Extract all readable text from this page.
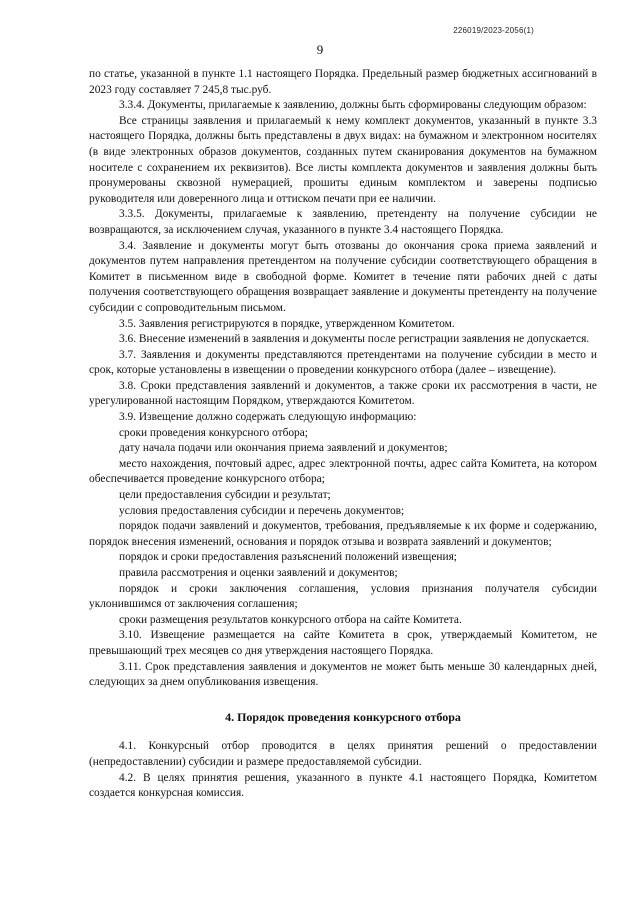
226019/2023-2056(1)
9

по статье, указанной в пункте 1.1 настоящего Порядка. Предельный размер бюджетных ассигнований в 2023 году составляет 7 245,8 тыс.руб.

3.3.4. Документы, прилагаемые к заявлению, должны быть сформированы следующим образом:

Все страницы заявления и прилагаемый к нему комплект документов, указанный в пункте 3.3 настоящего Порядка, должны быть представлены в двух видах: на бумажном и электронном носителях (в виде электронных образов документов, созданных путем сканирования документов на бумажном носителе с сохранением их реквизитов). Все листы комплекта документов и заявления должны быть пронумерованы сквозной нумерацией, прошиты единым комплектом и заверены подписью руководителя или доверенного лица и оттиском печати при ее наличии.

3.3.5. Документы, прилагаемые к заявлению, претенденту на получение субсидии не возвращаются, за исключением случая, указанного в пункте 3.4 настоящего Порядка.

3.4. Заявление и документы могут быть отозваны до окончания срока приема заявлений и документов путем направления претендентом на получение субсидии соответствующего обращения в Комитет в письменном виде в свободной форме. Комитет в течение пяти рабочих дней с даты получения соответствующего обращения возвращает заявление и документы претенденту на получение субсидии с сопроводительным письмом.

3.5. Заявления регистрируются в порядке, утвержденном Комитетом.

3.6. Внесение изменений в заявления и документы после регистрации заявления не допускается.

3.7. Заявления и документы представляются претендентами на получение субсидии в место и срок, которые установлены в извещении о проведении конкурсного отбора (далее – извещение).

3.8. Сроки представления заявлений и документов, а также сроки их рассмотрения в части, не урегулированной настоящим Порядком, утверждаются Комитетом.

3.9. Извещение должно содержать следующую информацию:

сроки проведения конкурсного отбора;

дату начала подачи или окончания приема заявлений и документов;

место нахождения, почтовый адрес, адрес электронной почты, адрес сайта Комитета, на котором обеспечивается проведение конкурсного отбора;

цели предоставления субсидии и результат;

условия предоставления субсидии и перечень документов;

порядок подачи заявлений и документов, требования, предъявляемые к их форме и содержанию, порядок внесения изменений, основания и порядок отзыва и возврата заявлений и документов;

порядок и сроки предоставления разъяснений положений извещения;

правила рассмотрения и оценки заявлений и документов;

порядок и сроки заключения соглашения, условия признания получателя субсидии уклонившимся от заключения соглашения;

сроки размещения результатов конкурсного отбора на сайте Комитета.

3.10. Извещение размещается на сайте Комитета в срок, утверждаемый Комитетом, не превышающий трех месяцев со дня утверждения настоящего Порядка.

3.11. Срок представления заявления и документов не может быть меньше 30 календарных дней, следующих за днем опубликования извещения.

4. Порядок проведения конкурсного отбора

4.1. Конкурсный отбор проводится в целях принятия решений о предоставлении (непредоставлении) субсидии и размере предоставляемой субсидии.

4.2. В целях принятия решения, указанного в пункте 4.1 настоящего Порядка, Комитетом создается конкурсная комиссия.
